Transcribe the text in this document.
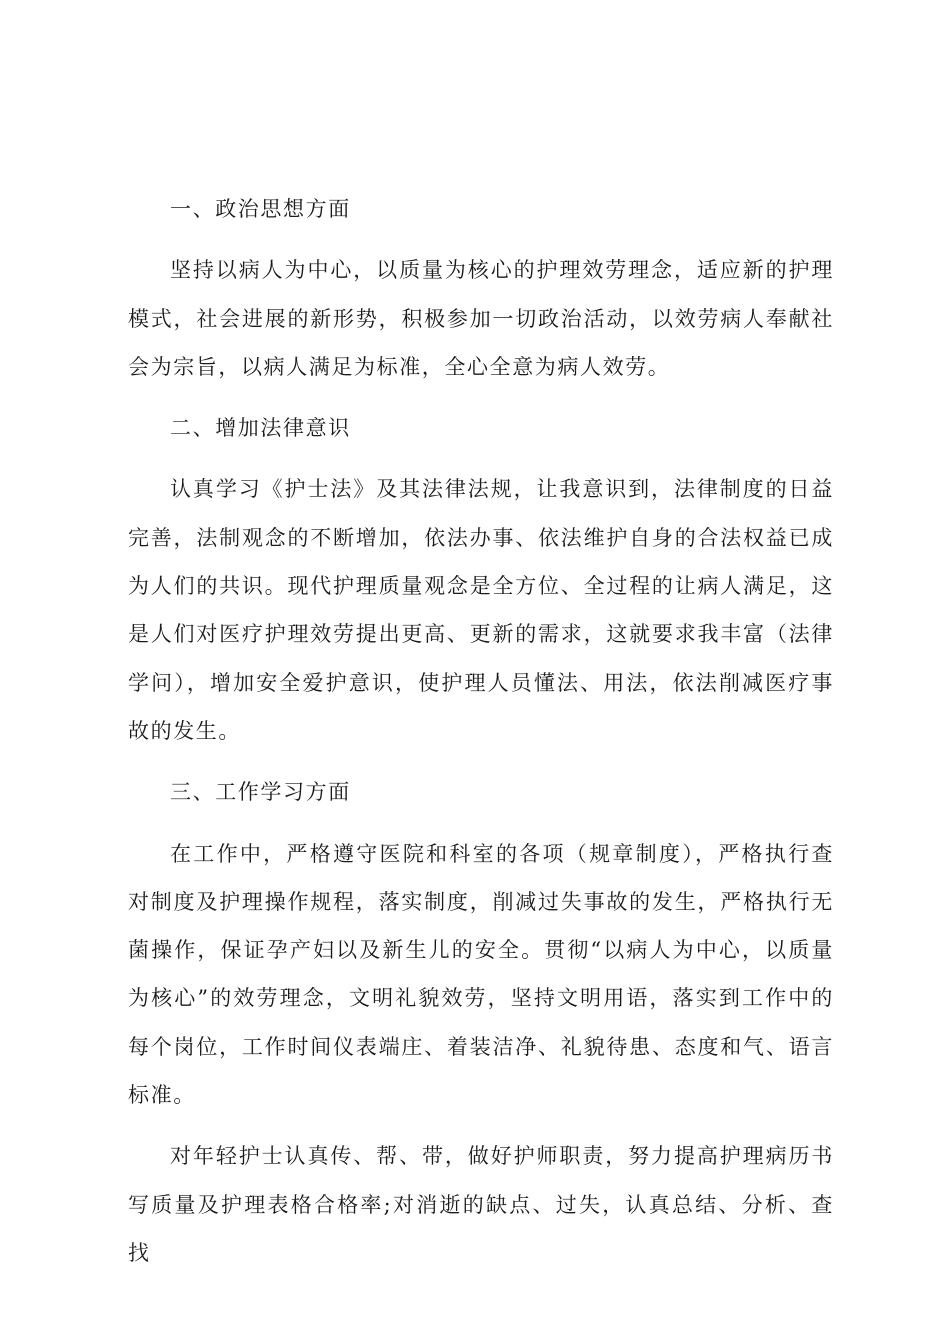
一、政治思想方面

坚持以病人为中心，以质量为核心的护理效劳理念，适应新的护理模式，社会进展的新形势，积极参加一切政治活动，以效劳病人奉献社会为宗旨，以病人满足为标准，全心全意为病人效劳。

二、增加法律意识

认真学习《护士法》及其法律法规，让我意识到，法律制度的日益完善，法制观念的不断增加，依法办事、依法维护自身的合法权益已成为人们的共识。现代护理质量观念是全方位、全过程的让病人满足，这是人们对医疗护理效劳提出更高、更新的需求，这就要求我丰富（法律学问），增加安全爱护意识，使护理人员懂法、用法，依法削减医疗事故的发生。

三、工作学习方面

在工作中，严格遵守医院和科室的各项（规章制度），严格执行查对制度及护理操作规程，落实制度，削减过失事故的发生，严格执行无菌操作，保证孕产妇以及新生儿的安全。贯彻“以病人为中心，以质量为核心”的效劳理念，文明礼貌效劳，坚持文明用语，落实到工作中的每个岗位，工作时间仪表端庄、着装洁净、礼貌待患、态度和气、语言标准。

对年轻护士认真传、帮、带，做好护师职责，努力提高护理病历书写质量及护理表格合格率;对消逝的缺点、过失，认真总结、分析、查找
